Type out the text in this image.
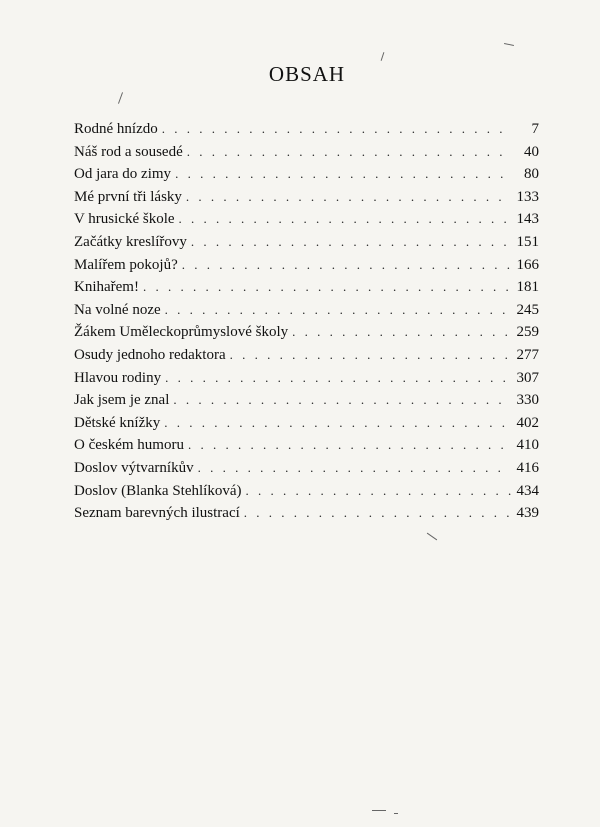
OBSAH
Rodné hnízdo . . .	7
Náš rod a sousedé . . .	40
Od jara do zimy . . .	80
Mé první tři lásky . . .	133
V hrusické škole . . .	143
Začátky kreslířovy . . .	151
Malířem pokojů? . . .	166
Knihařem! . . .	181
Na volné noze . . .	245
Žákem Uměleckoprůmyslové školy . . .	259
Osudy jednoho redaktora . . .	277
Hlavou rodiny . . .	307
Jak jsem je znal . . .	330
Dětské knížky . . .	402
O českém humoru . . .	410
Doslov výtvarníkův . . .	416
Doslov (Blanka Stehlíková) . . .	434
Seznam barevných ilustrací . . .	439
